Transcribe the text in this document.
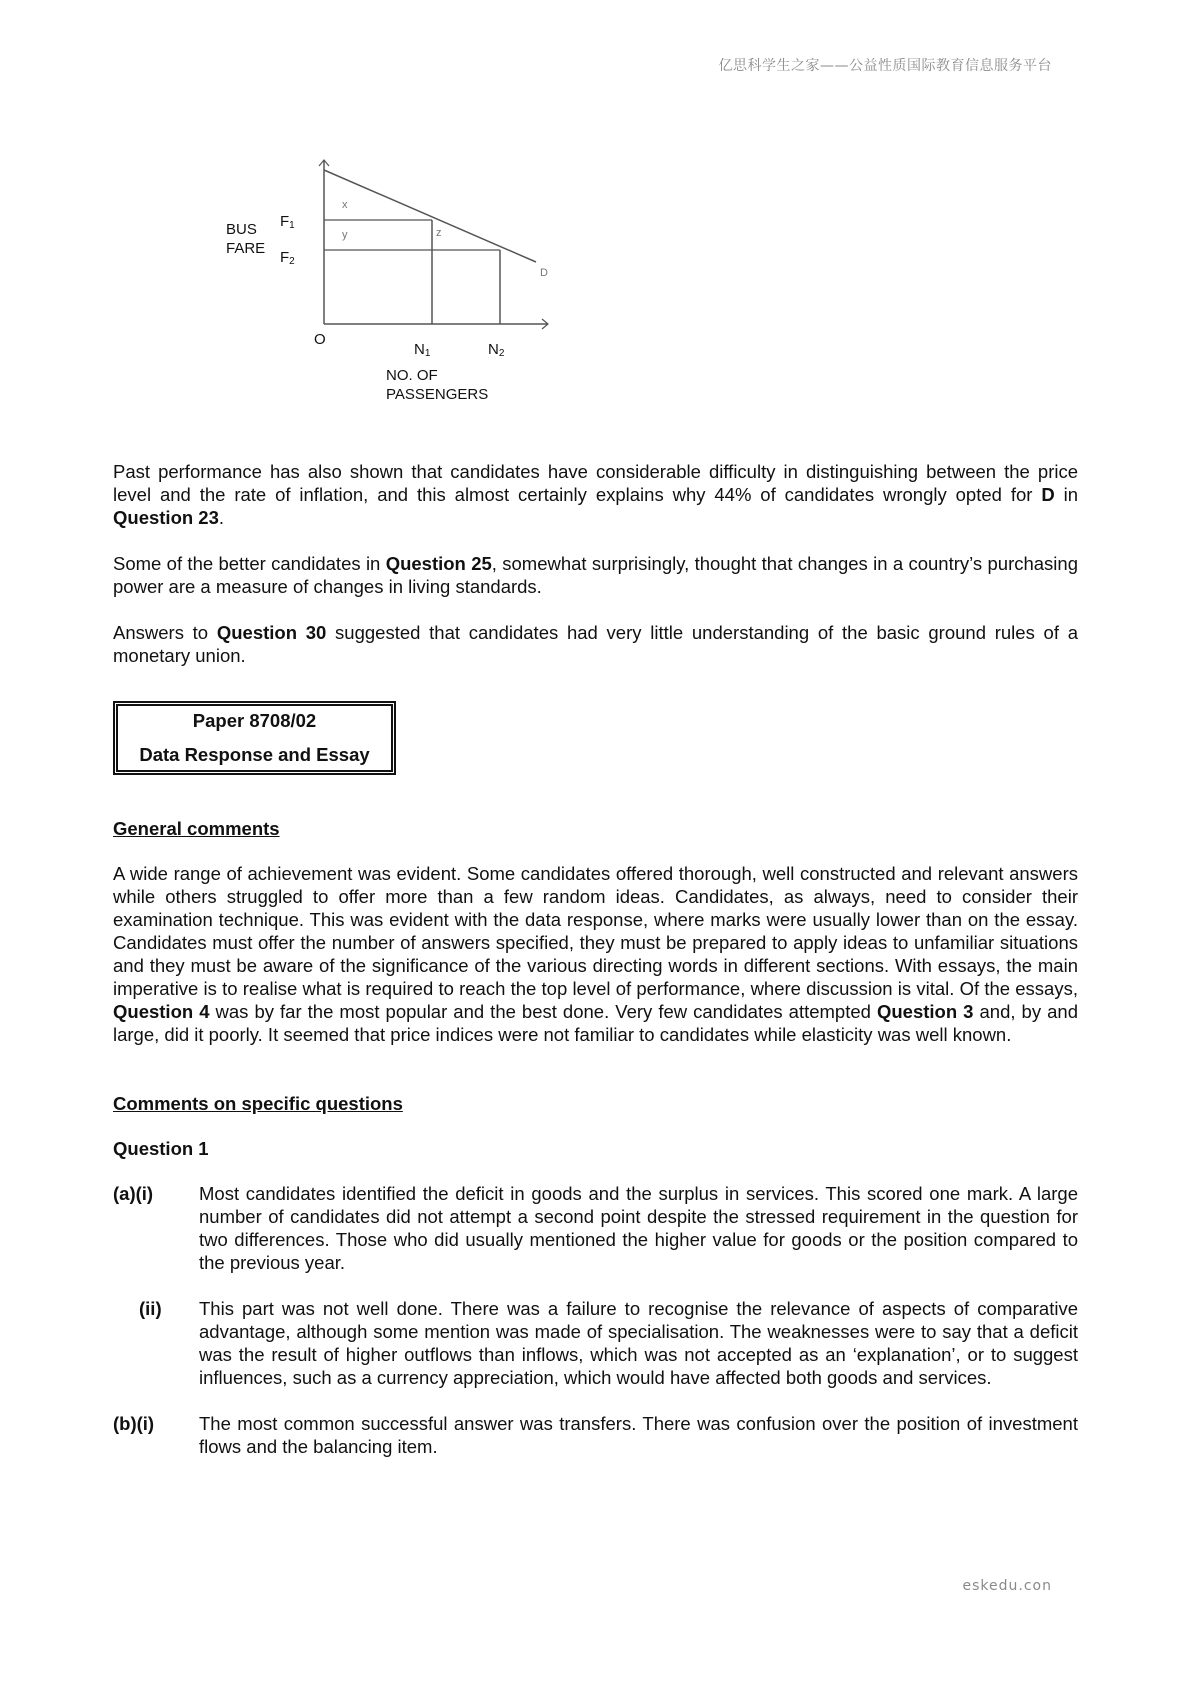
亿思科学生之家——公益性质国际教育信息服务平台
BUS
FARE
$F_1$
$F_2$
O
$N_1$	$N_2$
NO. OF
PASSENGERS
x
y	z
D

Past performance has also shown that candidates have considerable difficulty in distinguishing between the price level and the rate of inflation, and this almost certainly explains why 44% of candidates wrongly opted for D in Question 23.

Some of the better candidates in Question 25, somewhat surprisingly, thought that changes in a country’s purchasing power are a measure of changes in living standards.

Answers to Question 30 suggested that candidates had very little understanding of the basic ground rules of a monetary union.

Paper 8708/02
Data Response and Essay
General comments

A wide range of achievement was evident. Some candidates offered thorough, well constructed and relevant answers while others struggled to offer more than a few random ideas. Candidates, as always, need to consider their examination technique. This was evident with the data response, where marks were usually lower than on the essay. Candidates must offer the number of answers specified, they must be prepared to apply ideas to unfamiliar situations and they must be aware of the significance of the various directing words in different sections. With essays, the main imperative is to realise what is required to reach the top level of performance, where discussion is vital. Of the essays, Question 4 was by far the most popular and the best done. Very few candidates attempted Question 3 and, by and large, did it poorly. It seemed that price indices were not familiar to candidates while elasticity was well known.

Comments on specific questions
Question 1
(a)(i)	Most candidates identified the deficit in goods and the surplus in services. This scored one mark. A large number of candidates did not attempt a second point despite the stressed requirement in the question for two differences. Those who did usually mentioned the higher value for goods or the position compared to the previous year.
(ii)	This part was not well done. There was a failure to recognise the relevance of aspects of comparative advantage, although some mention was made of specialisation. The weaknesses were to say that a deficit was the result of higher outflows than inflows, which was not accepted as an ‘explanation’, or to suggest influences, such as a currency appreciation, which would have affected both goods and services.
(b)(i)	The most common successful answer was transfers. There was confusion over the position of investment flows and the balancing item.
eskedu.con
